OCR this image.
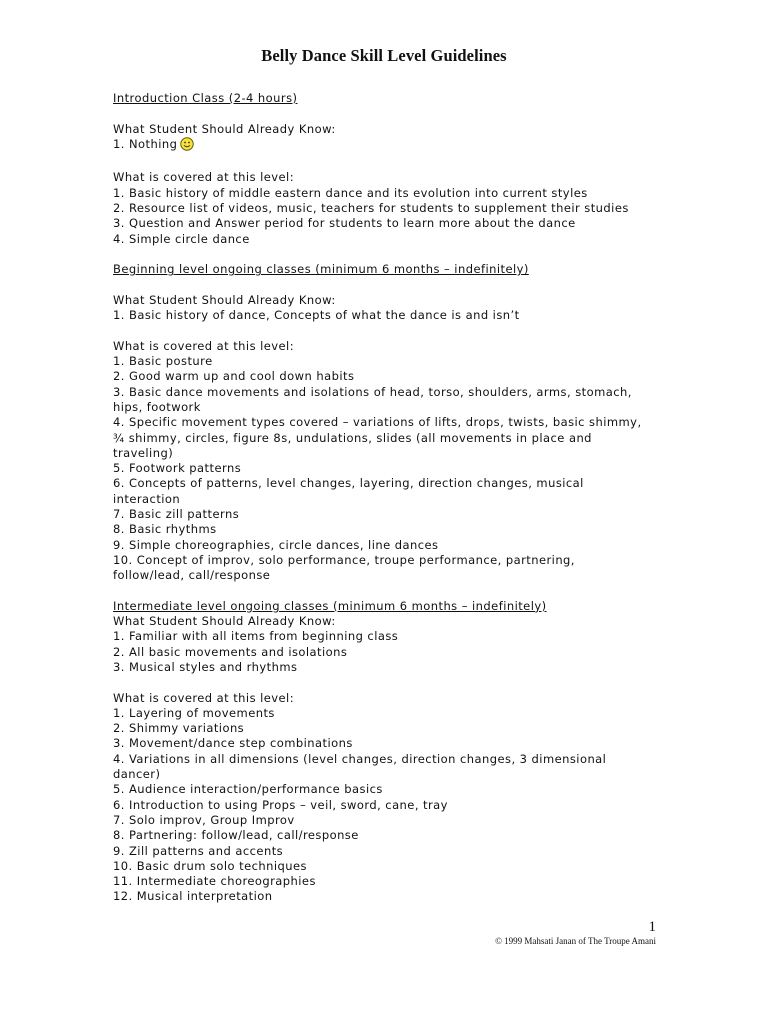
Belly Dance Skill Level Guidelines

Introduction Class (2-4 hours)

What Student Should Already Know:

1. Nothing

What is covered at this level:

1. Basic history of middle eastern dance and its evolution into current styles

2. Resource list of videos, music, teachers for students to supplement their studies

3. Question and Answer period for students to learn more about the dance

4. Simple circle dance

Beginning level ongoing classes (minimum 6 months – indefinitely)

What Student Should Already Know:

1. Basic history of dance, Concepts of what the dance is and isn’t

What is covered at this level:

1. Basic posture

2. Good warm up and cool down habits

3. Basic dance movements and isolations of head, torso, shoulders, arms, stomach,

hips, footwork

4. Specific movement types covered – variations of lifts, drops, twists, basic shimmy,

¾ shimmy, circles, figure 8s, undulations, slides (all movements in place and

traveling)

5. Footwork patterns

6. Concepts of patterns, level changes, layering, direction changes, musical

interaction

7. Basic zill patterns

8. Basic rhythms

9. Simple choreographies, circle dances, line dances

10. Concept of improv, solo performance, troupe performance, partnering,

follow/lead, call/response

Intermediate level ongoing classes (minimum 6 months – indefinitely)

What Student Should Already Know:

1. Familiar with all items from beginning class

2. All basic movements and isolations

3. Musical styles and rhythms

What is covered at this level:

1. Layering of movements

2. Shimmy variations

3. Movement/dance step combinations

4. Variations in all dimensions (level changes, direction changes, 3 dimensional

dancer)

5. Audience interaction/performance basics

6. Introduction to using Props – veil, sword, cane, tray

7. Solo improv, Group Improv

8. Partnering: follow/lead, call/response

9. Zill patterns and accents

10. Basic drum solo techniques

11. Intermediate choreographies

12. Musical interpretation

1
© 1999 Mahsati Janan of The Troupe Amani
